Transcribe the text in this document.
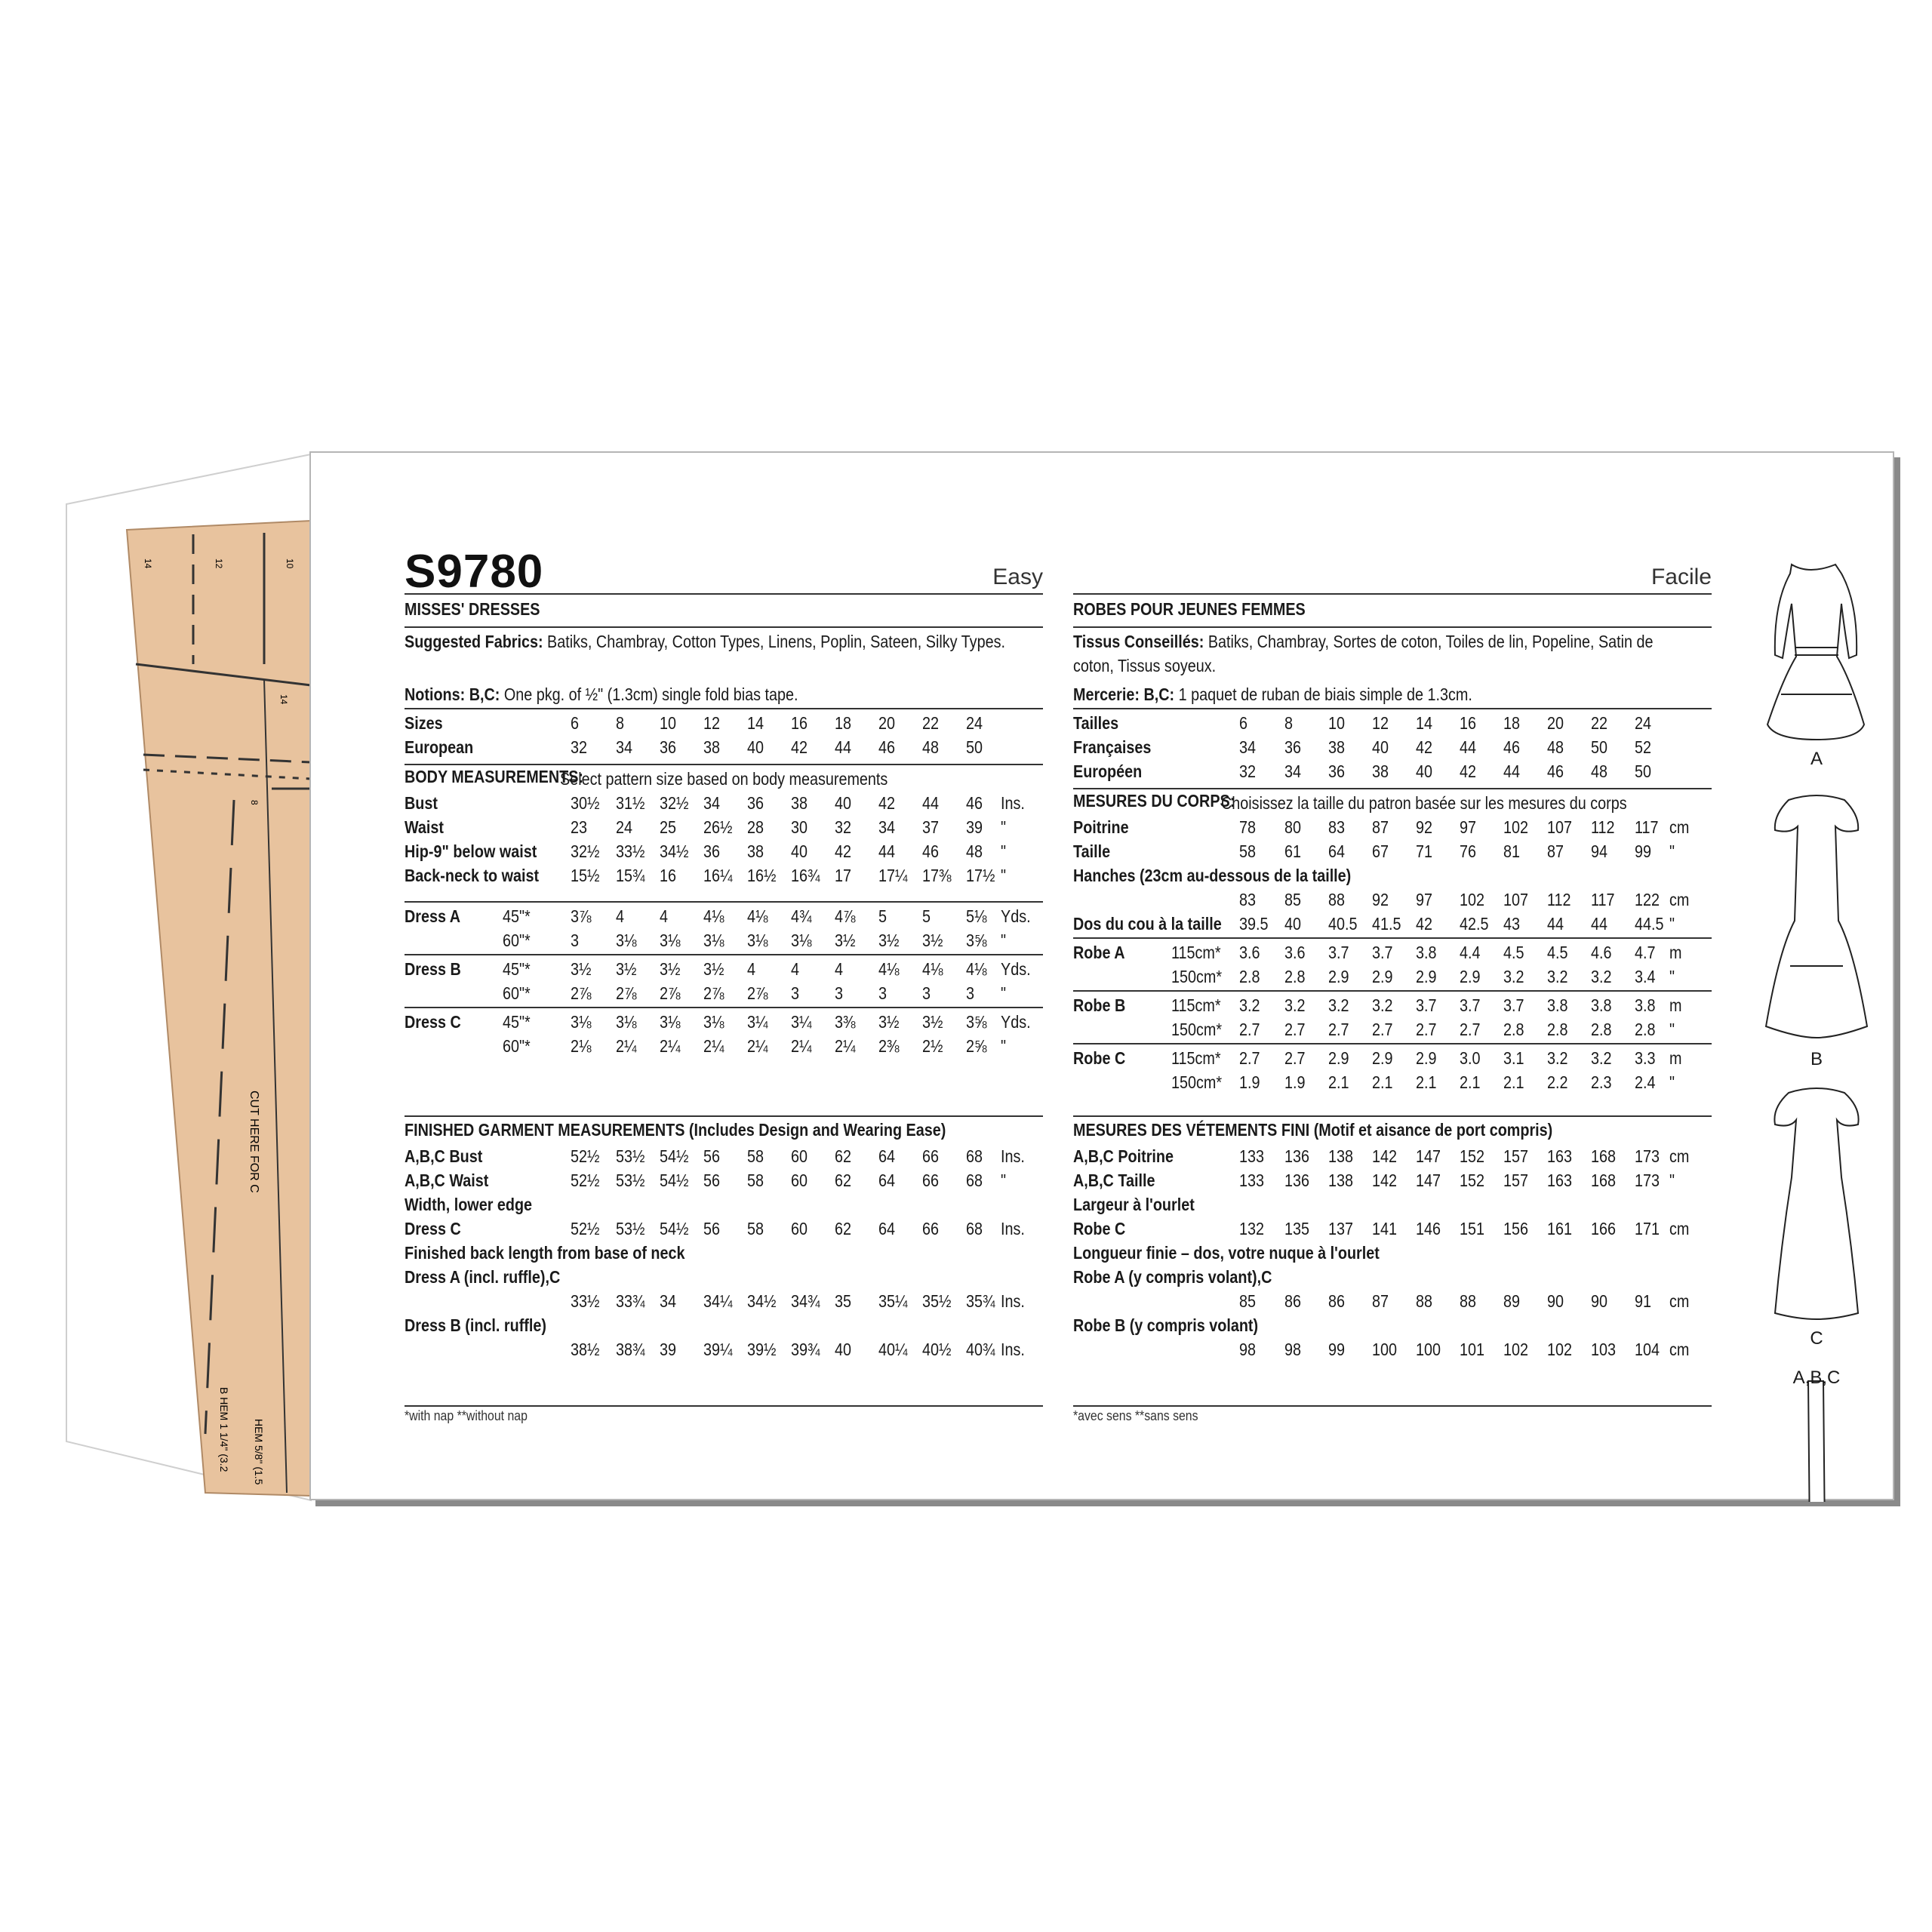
CUT HERE FOR C
B HEM 1 1/4" (3.2 HEM 5/8" (1.5
14	12	10
14
8
S9780	Easy
MISSES' DRESSES
Suggested Fabrics: Batiks, Chambray, Cotton Types, Linens, Poplin, Sateen, Silky Types.
Notions: B,C: One pkg. of ½" (1.3cm) single fold bias tape.
Sizes	6 8 10 12 14 16 18 20 22 24
European	32 34 36 38 40 42 44 46 48 50
BODY MEASUREMENTS:
Select pattern size based on body measurements
Bust	30½ 31½ 32½ 34 36 38 40 42 44 46 Ins.
Waist	23 24 25 26½ 28 30 32 34 37 39 "
Hip-9" below waist 32½ 33½ 34½ 36 38 40 42 44 46 48 "
Back-neck to waist 15½ 15¾ 16 16¼ 16½ 16¾ 17 17¼ 17⅜ 17½ "
Dress A 45"* 3⅞ 4 4 4⅛ 4⅛ 4¾ 4⅞ 5 5 5⅛ Yds.
60"* 3 3⅛ 3⅛ 3⅛ 3⅛ 3⅛ 3½ 3½ 3½ 3⅝ "
Dress B 45"* 3½ 3½ 3½ 3½ 4 4 4 4⅛ 4⅛ 4⅛ Yds.
60"* 2⅞ 2⅞ 2⅞ 2⅞ 2⅞ 3 3 3 3 3 "
Dress C 45"* 3⅛ 3⅛ 3⅛ 3⅛ 3¼ 3¼ 3⅜ 3½ 3½ 3⅝ Yds.
60"* 2⅛ 2¼ 2¼ 2¼ 2¼ 2¼ 2¼ 2⅜ 2½ 2⅝ "
FINISHED GARMENT MEASUREMENTS (Includes Design and Wearing Ease)
A,B,C Bust	52½ 53½ 54½ 56 58 60 62 64 66 68 Ins.
A,B,C Waist	52½ 53½ 54½ 56 58 60 62 64 66 68 "
Width, lower edge
Dress C	52½ 53½ 54½ 56 58 60 62 64 66 68 Ins.
Finished back length from base of neck
Dress A (incl. ruffle),C
33½ 33¾ 34 34¼ 34½ 34¾ 35 35¼ 35½ 35¾ Ins.
Dress B (incl. ruffle)
38½ 38¾ 39 39¼ 39½ 39¾ 40 40¼ 40½ 40¾ Ins.
*with nap **without nap
Facile
ROBES POUR JEUNES FEMMES
Tissus Conseillés: Batiks, Chambray, Sortes de coton, Toiles de lin, Popeline, Satin de
coton, Tissus soyeux.
Mercerie: B,C: 1 paquet de ruban de biais simple de 1.3cm.
Tailles	6 8 10 12 14 16 18 20 22 24
Françaises	34 36 38 40 42 44 46 48 50 52
Européen	32 34 36 38 40 42 44 46 48 50
MESURES DU CORPS:
Choisissez la taille du patron basée sur les mesures du corps
Poitrine	78 80 83 87 92 97 102 107 112 117 cm
Taille	58 61 64 67 71 76 81 87 94 99 "
Hanches (23cm au-dessous de la taille)
83 85 88 92 97 102 107 112 117 122 cm
Dos du cou à la taille 39.5 40 40.5 41.5 42 42.5 43 44 44 44.5 "
Robe A	115cm* 3.6 3.6 3.7 3.7 3.8 4.4 4.5 4.5 4.6 4.7 m
150cm* 2.8 2.8 2.9 2.9 2.9 2.9 3.2 3.2 3.2 3.4 "
Robe B	115cm* 3.2 3.2 3.2 3.2 3.7 3.7 3.7 3.8 3.8 3.8 m
150cm* 2.7 2.7 2.7 2.7 2.7 2.7 2.8 2.8 2.8 2.8 "
Robe C	115cm* 2.7 2.7 2.9 2.9 2.9 3.0 3.1 3.2 3.2 3.3 m
150cm* 1.9 1.9 2.1 2.1 2.1 2.1 2.1 2.2 2.3 2.4 "
MESURES DES VÉTEMENTS FINI (Motif et aisance de port compris)
A,B,C Poitrine	133 136 138 142 147 152 157 163 168 173 cm
A,B,C Taille	133 136 138 142 147 152 157 163 168 173 "
Largeur à l'ourlet
Robe C	132 135 137 141 146 151 156 161 166 171 cm
Longueur finie – dos, votre nuque à l'ourlet
Robe A (y compris volant),C
85 86 86 87 88 88 89 90 90 91 cm
Robe B (y compris volant)
98 98 99 100 100 101 102 102 103 104 cm
*avec sens **sans sens
A
B
C
A,B,C
